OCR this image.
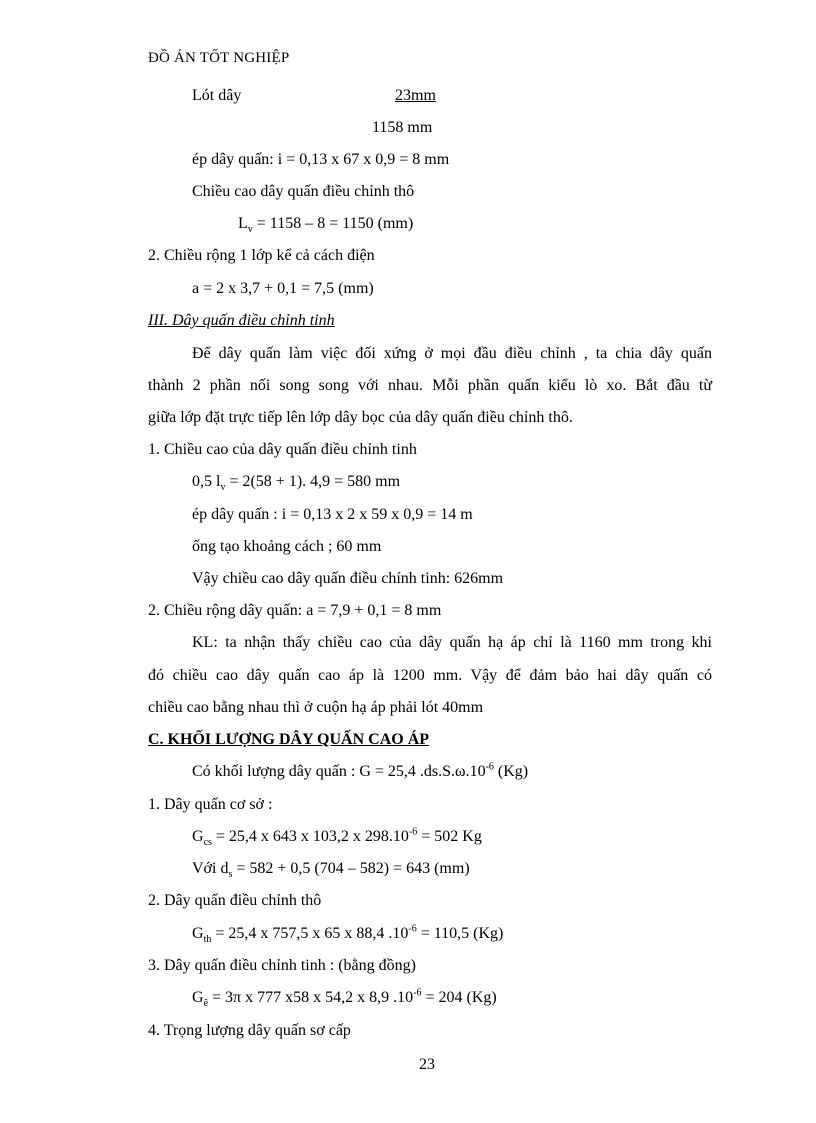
ĐỒ ÁN TỐT NGHIỆP
Lót dây	23mm
1158 mm
ép dây quấn: i = 0,13 x 67 x 0,9 = 8 mm
Chiều cao dây quấn điều chỉnh thô
$L_v = 1158 - 8 = 1150$ (mm)
2. Chiều rộng 1 lớp kể cả cách điện
a = 2 x 3,7 + 0,1 = 7,5 (mm)
III. Dây quấn điều chỉnh tinh
Để dây quấn làm việc đối xứng ở mọi đầu điều chỉnh , ta chia dây quấn
thành 2 phần nối song song với nhau. Mỗi phần quấn kiểu lò xo. Bắt đầu từ
giữa lớp đặt trực tiếp lên lớp dây bọc của dây quấn điều chỉnh thô.
1. Chiều cao của dây quấn điều chỉnh tinh
0,5 $l_v = 2(58 + 1)$. 4,9 = 580 mm
ép dây quấn : i = 0,13 x 2 x 59 x 0,9 = 14 m
ống tạo khoảng cách ; 60 mm
Vậy chiều cao dây quấn điều chính tinh: 626mm
2. Chiều rộng dây quấn: a = 7,9 + 0,1 = 8 mm
KL: ta nhận thấy chiều cao của dây quấn hạ áp chỉ là 1160 mm trong khi
đó chiều cao dây quấn cao áp là 1200 mm. Vậy để đảm bảo hai dây quấn có
chiều cao bằng nhau thì ở cuộn hạ áp phải lót 40mm
C. KHỐI LƯỢNG DÂY QUẤN CAO ÁP
Có khối lượng dây quấn : G = 25,4 $.ds.S.\omega.10^{-6}$ (Kg)
1. Dây quấn cơ sở :
$G_{cs} = 25,4$ x 643 x 103,2 x $298.10^{-6} = 502$ Kg
Với $d_s = 582 + 0,5$ (704 – 582) = 643 (mm)
2. Dây quấn điều chỉnh thô
$G_{th} = 25,4$ x 757,5 x 65 x 88,4 $.10^{-6} = 110,5$ (Kg)
3. Dây quấn điều chỉnh tinh : (bằng đồng)
$G_ê = 3\pi$ x 777 x58 x 54,2 x 8,9 $.10^{-6} = 204$ (Kg)
4. Trọng lượng dây quấn sơ cấp
23
